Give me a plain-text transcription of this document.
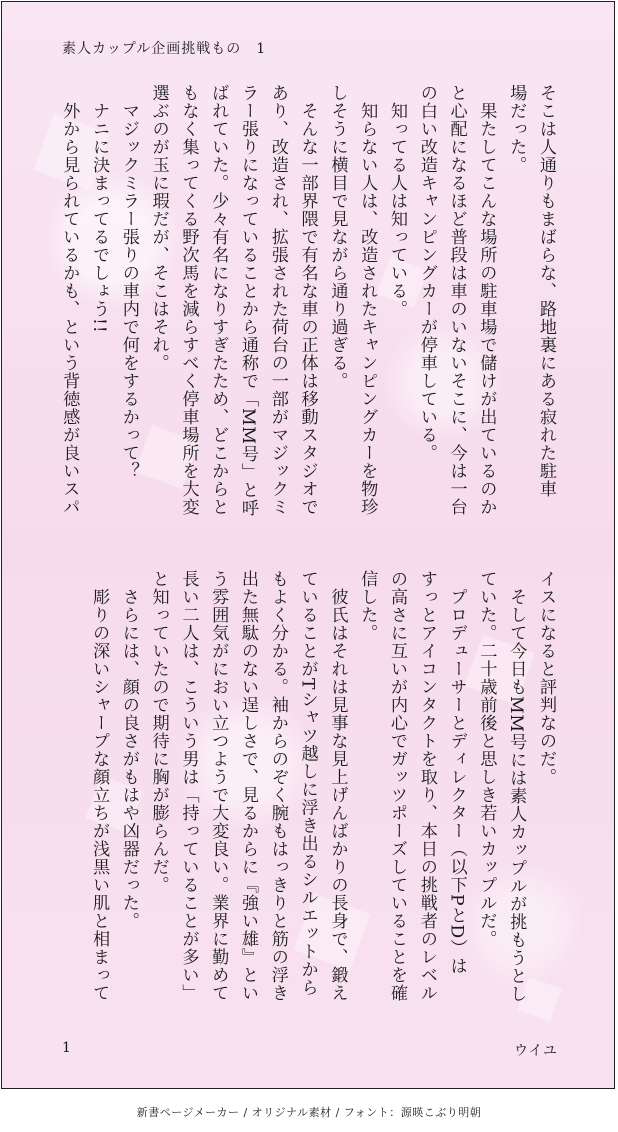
素人カップル企画挑戦もの　1

そこは人通りもまばらな、路地裏にある寂れた駐車

場だった。

　果たしてこんな場所の駐車場で儲けが出ているのか

と心配になるほど普段は車のいないそこに、今は一台

の白い改造キャンピングカーが停車している。

　知ってる人は知っている。

　知らない人は、改造されたキャンピングカーを物珍

しそうに横目で見ながら通り過ぎる。

　そんな一部界隈で有名な車の正体は移動スタジオで

あり、改造され、拡張された荷台の一部がマジックミ

ラー張りになっていることから通称で「MM号」と呼

ばれていた。少々有名になりすぎたため、どこからと

もなく集ってくる野次馬を減らすべく停車場所を大変

選ぶのが玉に瑕だが、そこはそれ。

　マジックミラー張りの車内で何をするかって？

　ナニに決まってるでしょう!!

　外から見られているかも、という背徳感が良いスパ

イスになると評判なのだ。

　そして今日もMM号には素人カップルが挑もうとし

ていた。二十歳前後と思しき若いカップルだ。

　プロデューサーとディレクター（以下PとD）は

すっとアイコンタクトを取り、本日の挑戦者のレベル

の高さに互いが内心でガッツポーズしていることを確

信した。

　彼氏はそれは見事な見上げんばかりの長身で、鍛え

ていることがTシャツ越しに浮き出るシルエットから

もよく分かる。袖からのぞく腕もはっきりと筋の浮き

出た無駄のない逞しさで、見るからに『強い雄』とい

う雰囲気がにおい立つようで大変良い。業界に勤めて

長い二人は、こういう男は「持っていることが多い」

と知っていたので期待に胸が膨らんだ。

　さらには、顔の良さがもはや凶器だった。

　彫りの深いシャープな顔立ちが浅黒い肌と相まって

1	ウイユ
新書ページメーカー / オリジナル素材 / フォント：源暎こぶり明朝
